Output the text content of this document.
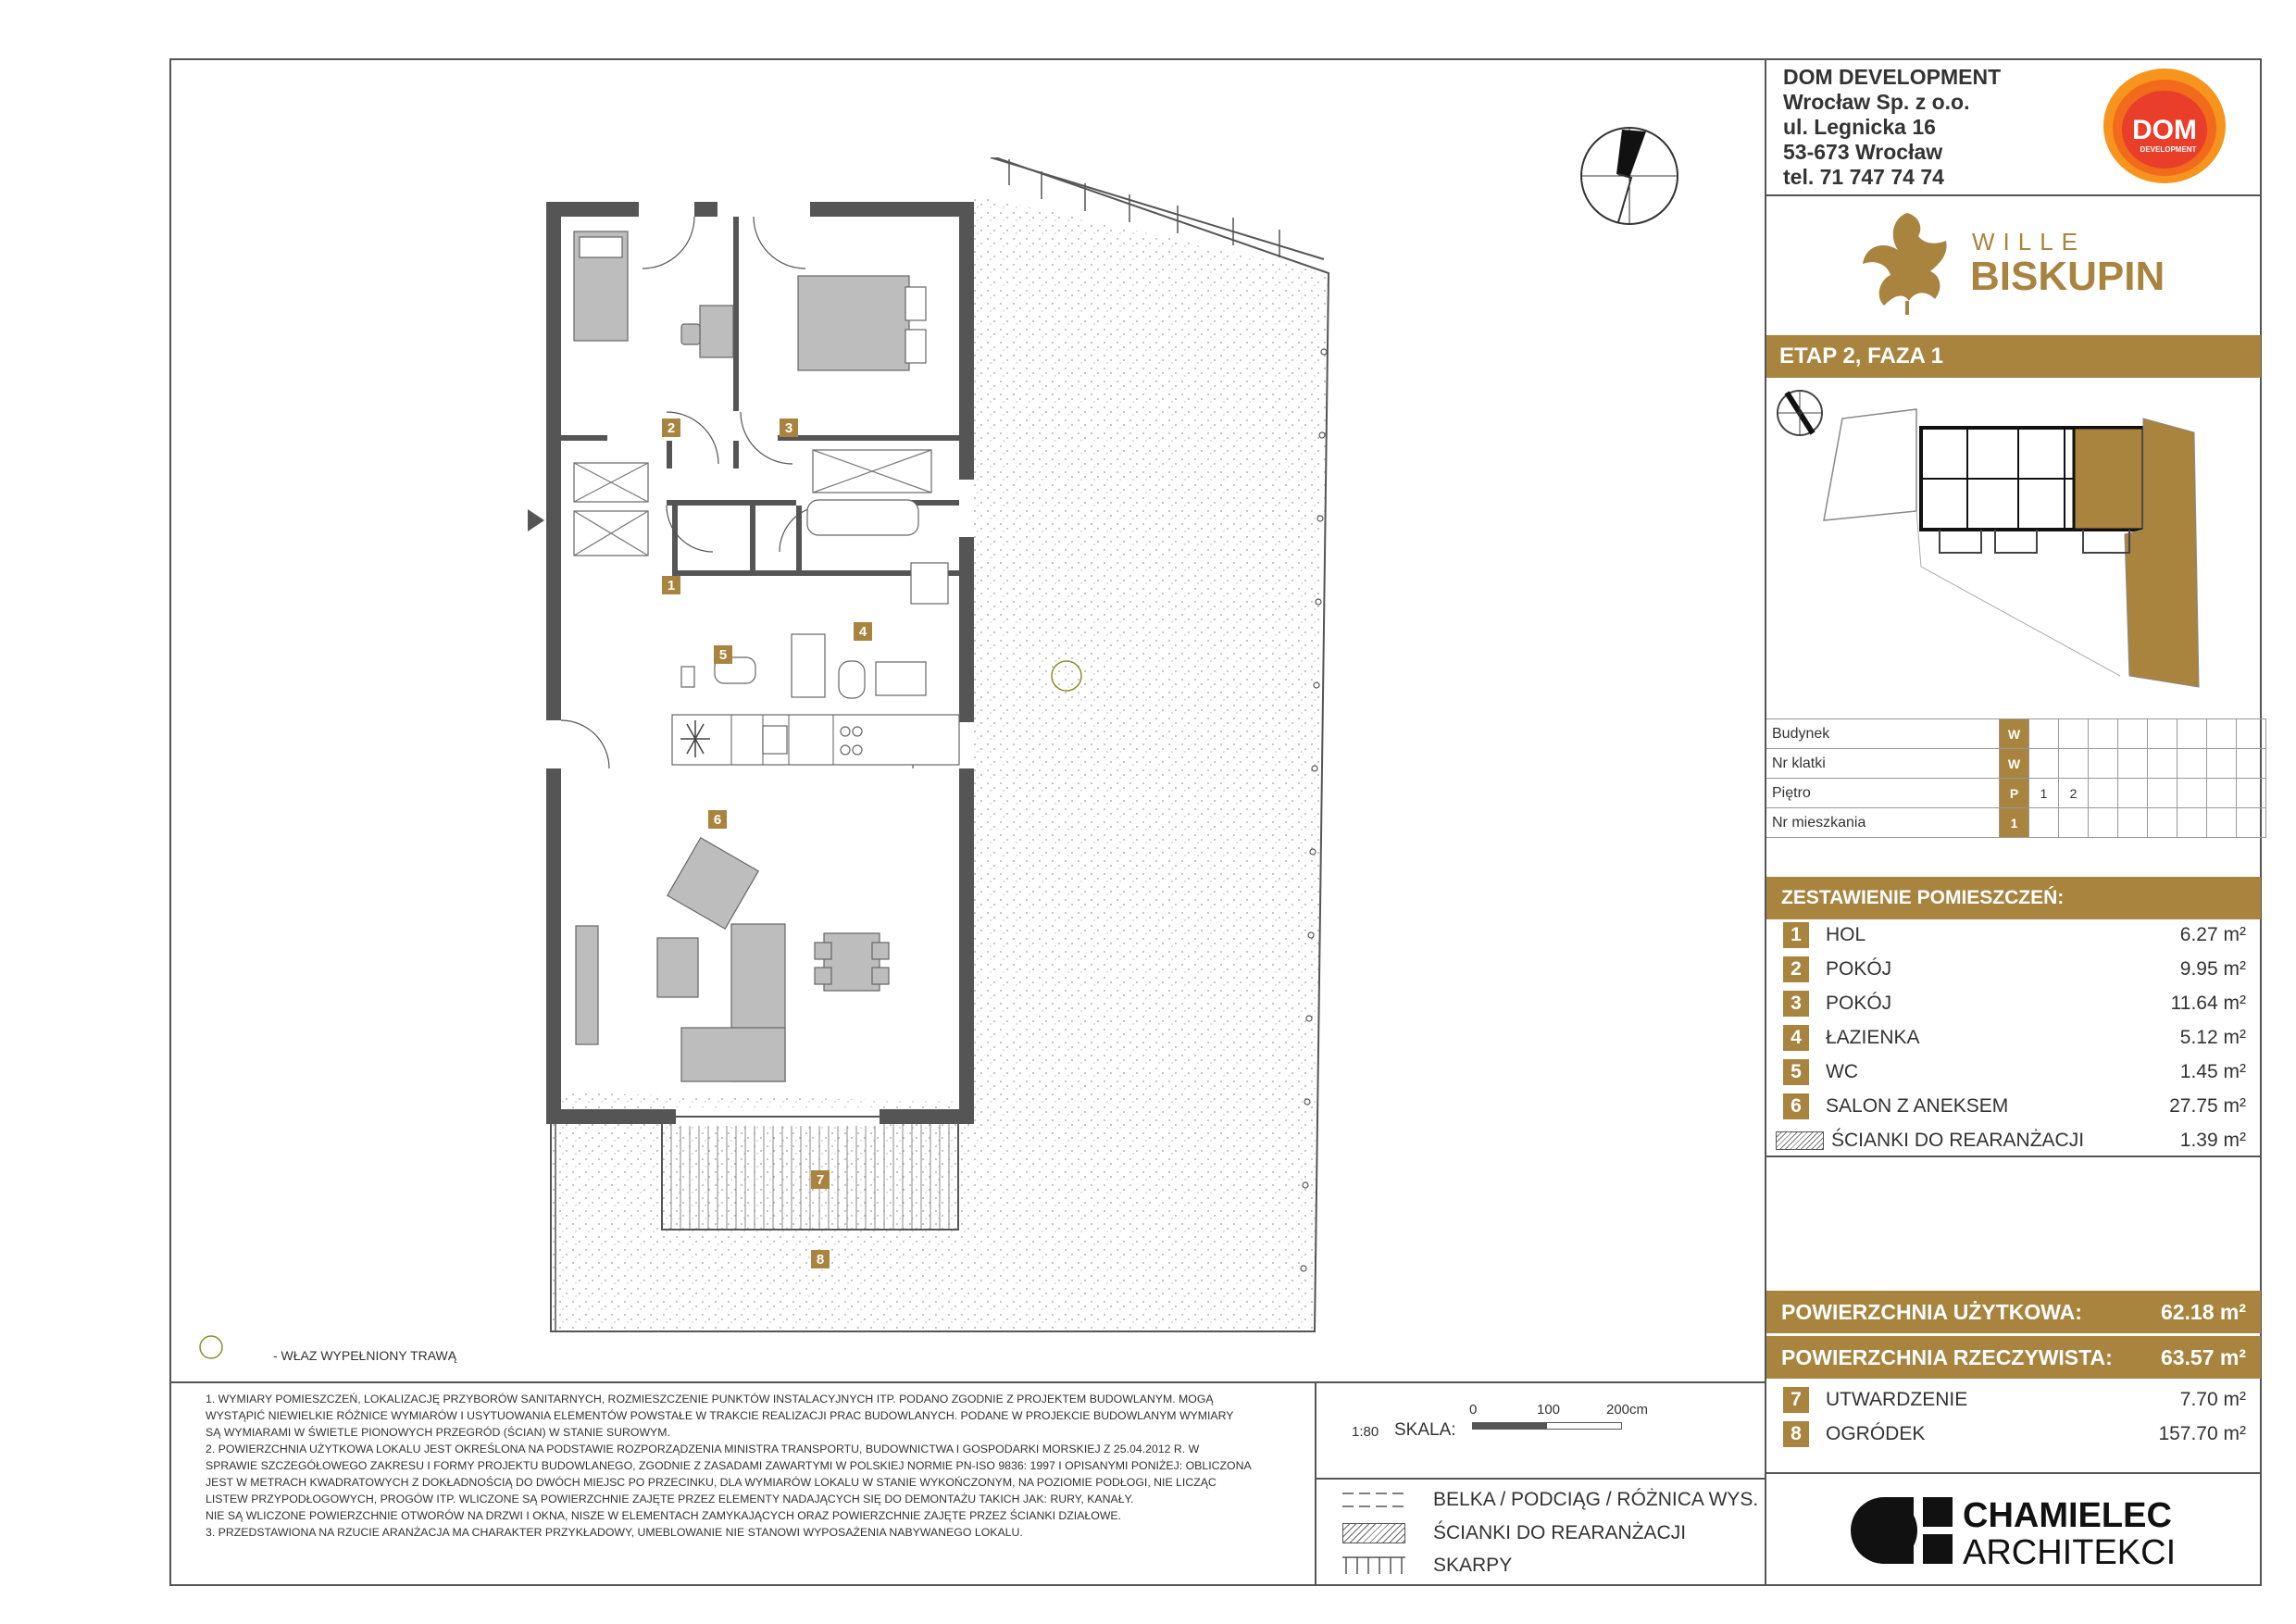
DOM DEVELOPMENT
Wrocław Sp. z o.o.
ul. Legnicka 16
53-673 Wrocław
tel. 71 747 74 74
DOM
DEVELOPMENT
WILLE
BISKUPIN
ETAP 2, FAZA 1
Budynek	W								
Nr klatki	W								
Piętro	P	1	2						
Nr mieszkania	1								
ZESTAWIENIE POMIESZCZEŃ:
1	HOL	6.27 m²
2	POKÓJ	9.95 m²
3	POKÓJ	11.64 m²
4	ŁAZIENKA	5.12 m²
5	WC	1.45 m²
6	SALON Z ANEKSEM	27.75 m²
ŚCIANKI DO REARANŻACJI	1.39 m²
POWIERZCHNIA UŻYTKOWA:	62.18 m²
POWIERZCHNIA RZECZYWISTA: 63.57 m²
7	UTWARDZENIE	7.70 m²
8	OGRÓDEK	157.70 m²
CHAMIELEC
ARCHITEKCI
1. WYMIARY POMIESZCZEŃ, LOKALIZACJĘ PRZYBORÓW SANITARNYCH, ROZMIESZCZENIE PUNKTÓW INSTALACYJNYCH ITP. PODANO ZGODNIE Z PROJEKTEM BUDOWLANYM. MOGĄ
WYSTĄPIĆ NIEWIELKIE RÓŻNICE WYMIARÓW I USYTUOWANIA ELEMENTÓW POWSTAŁE W TRAKCIE REALIZACJI PRAC BUDOWLANYCH. PODANE W PROJEKCIE BUDOWLANYM WYMIARY
SĄ WYMIARAMI W ŚWIETLE PIONOWYCH PRZEGRÓD (ŚCIAN) W STANIE SUROWYM.
2. POWIERZCHNIA UŻYTKOWA LOKALU JEST OKREŚLONA NA PODSTAWIE ROZPORZĄDZENIA MINISTRA TRANSPORTU, BUDOWNICTWA I GOSPODARKI MORSKIEJ Z 25.04.2012 R. W
SPRAWIE SZCZEGÓŁOWEGO ZAKRESU I FORMY PROJEKTU BUDOWLANEGO, ZGODNIE Z ZASADAMI ZAWARTYMI W POLSKIEJ NORMIE PN-ISO 9836: 1997 I OPISANYMI PONIŻEJ: OBLICZONA
JEST W METRACH KWADRATOWYCH Z DOKŁADNOŚCIĄ DO DWÓCH MIEJSC PO PRZECINKU, DLA WYMIARÓW LOKALU W STANIE WYKOŃCZONYM, NA POZIOMIE PODŁOGI, NIE LICZĄC
LISTEW PRZYPODŁOGOWYCH, PROGÓW ITP. WLICZONE SĄ POWIERZCHNIE ZAJĘTE PRZEZ ELEMENTY NADAJĄCYCH SIĘ DO DEMONTAŻU TAKICH JAK: RURY, KANAŁY.
NIE SĄ WLICZONE POWIERZCHNIE OTWORÓW NA DRZWI I OKNA, NISZE W ELEMENTACH ZAMYKAJĄCYCH ORAZ POWIERZCHNIE ZAJĘTE PRZEZ ŚCIANKI DZIAŁOWE.
3. PRZEDSTAWIONA NA RZUCIE ARANŻACJA MA CHARAKTER PRZYKŁADOWY, UMEBLOWANIE NIE STANOWI WYPOSAŻENIA NABYWANEGO LOKALU.
1:80 SKALA:
0	100	200cm
BELKA / PODCIĄG / RÓŻNICA WYS.
ŚCIANKI DO REARANŻACJI
SKARPY
- WŁAZ WYPEŁNIONY TRAWĄ
2	3
1
4
5
6
7
8
